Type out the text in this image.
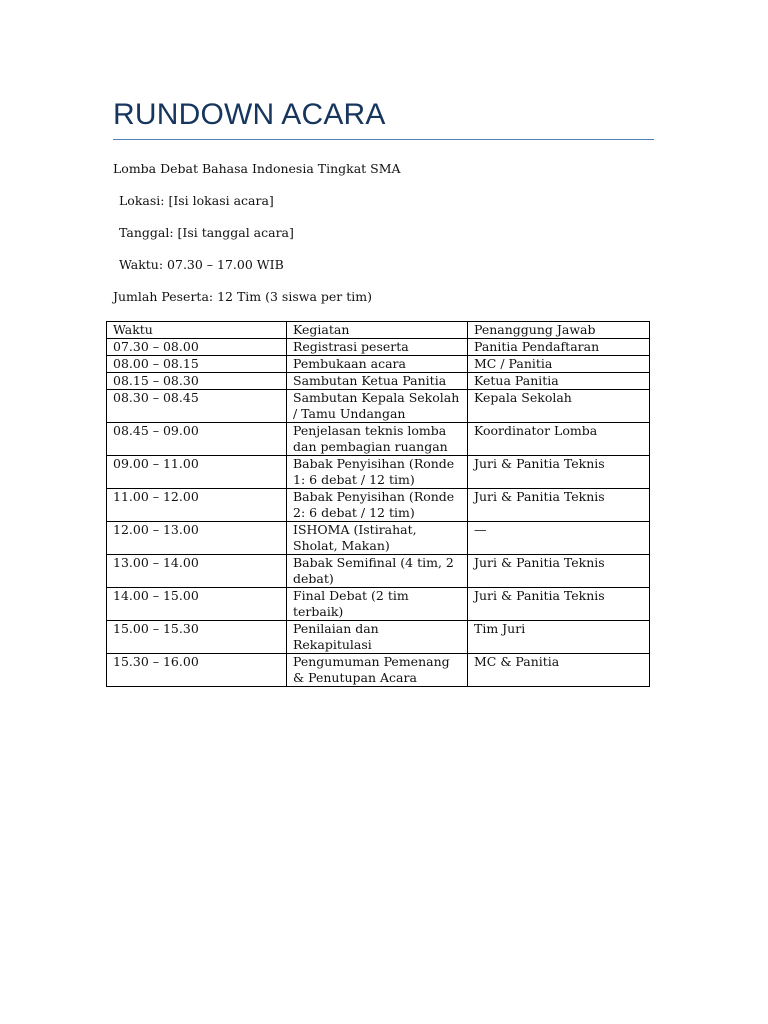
RUNDOWN ACARA

Lomba Debat Bahasa Indonesia Tingkat SMA

Lokasi: [Isi lokasi acara]

Tanggal: [Isi tanggal acara]

Waktu: 07.30 – 17.00 WIB

Jumlah Peserta: 12 Tim (3 siswa per tim)

Waktu	Kegiatan	Penanggung Jawab
07.30 – 08.00	Registrasi peserta	Panitia Pendaftaran
08.00 – 08.15	Pembukaan acara	MC / Panitia
08.15 – 08.30	Sambutan Ketua Panitia	Ketua Panitia
08.30 – 08.45	Sambutan Kepala Sekolah / Tamu Undangan	Kepala Sekolah
08.45 – 09.00	Penjelasan teknis lomba dan pembagian ruangan	Koordinator Lomba
09.00 – 11.00	Babak Penyisihan (Ronde 1: 6 debat / 12 tim)	Juri & Panitia Teknis
11.00 – 12.00	Babak Penyisihan (Ronde 2: 6 debat / 12 tim)	Juri & Panitia Teknis
12.00 – 13.00	ISHOMA (Istirahat, Sholat, Makan)	—
13.00 – 14.00	Babak Semifinal (4 tim, 2 debat)	Juri & Panitia Teknis
14.00 – 15.00	Final Debat (2 tim terbaik)	Juri & Panitia Teknis
15.00 – 15.30	Penilaian dan Rekapitulasi	Tim Juri
15.30 – 16.00	Pengumuman Pemenang & Penutupan Acara	MC & Panitia
